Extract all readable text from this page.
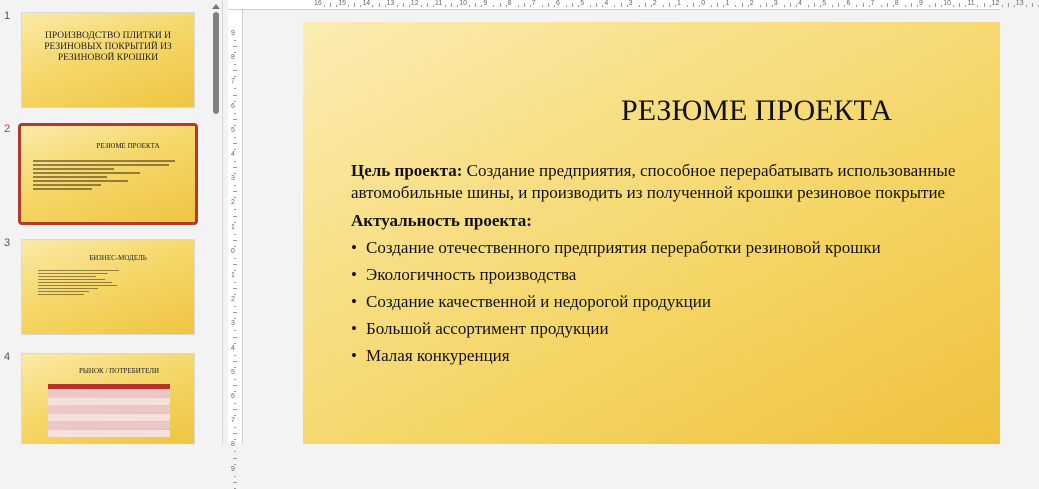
1
ПРОИЗВОДСТВО ПЛИТКИ И РЕЗИНОВЫХ ПОКРЫТИЙ ИЗ РЕЗИНОВОЙ КРОШКИ
2
РЕЗЮМЕ ПРОЕКТА
3
БИЗНЕС-МОДЕЛЬ
4
РЫНОК / ПОТРЕБИТЕЛИ
16 15 14 13 12 11 10 9	8	7	6	5	4	3	2	1	0	1	2	3	4	5	6	7	8	9	10 11 12 13
9
8
7
6
5
4
3
2
1
0
1
2
3
4
5
6
7
8
9
РЕЗЮМЕ ПРОЕКТА

Цель проекта: Создание предприятия, способное перерабатывать использованные автомобильные шины, и производить из полученной крошки резиновое покрытие

Актуальность проекта:

• Создание отечественного предприятия переработки резиновой крошки
• Экологичность производства
• Создание качественной и недорогой продукции
• Большой ассортимент продукции
• Малая конкуренция
